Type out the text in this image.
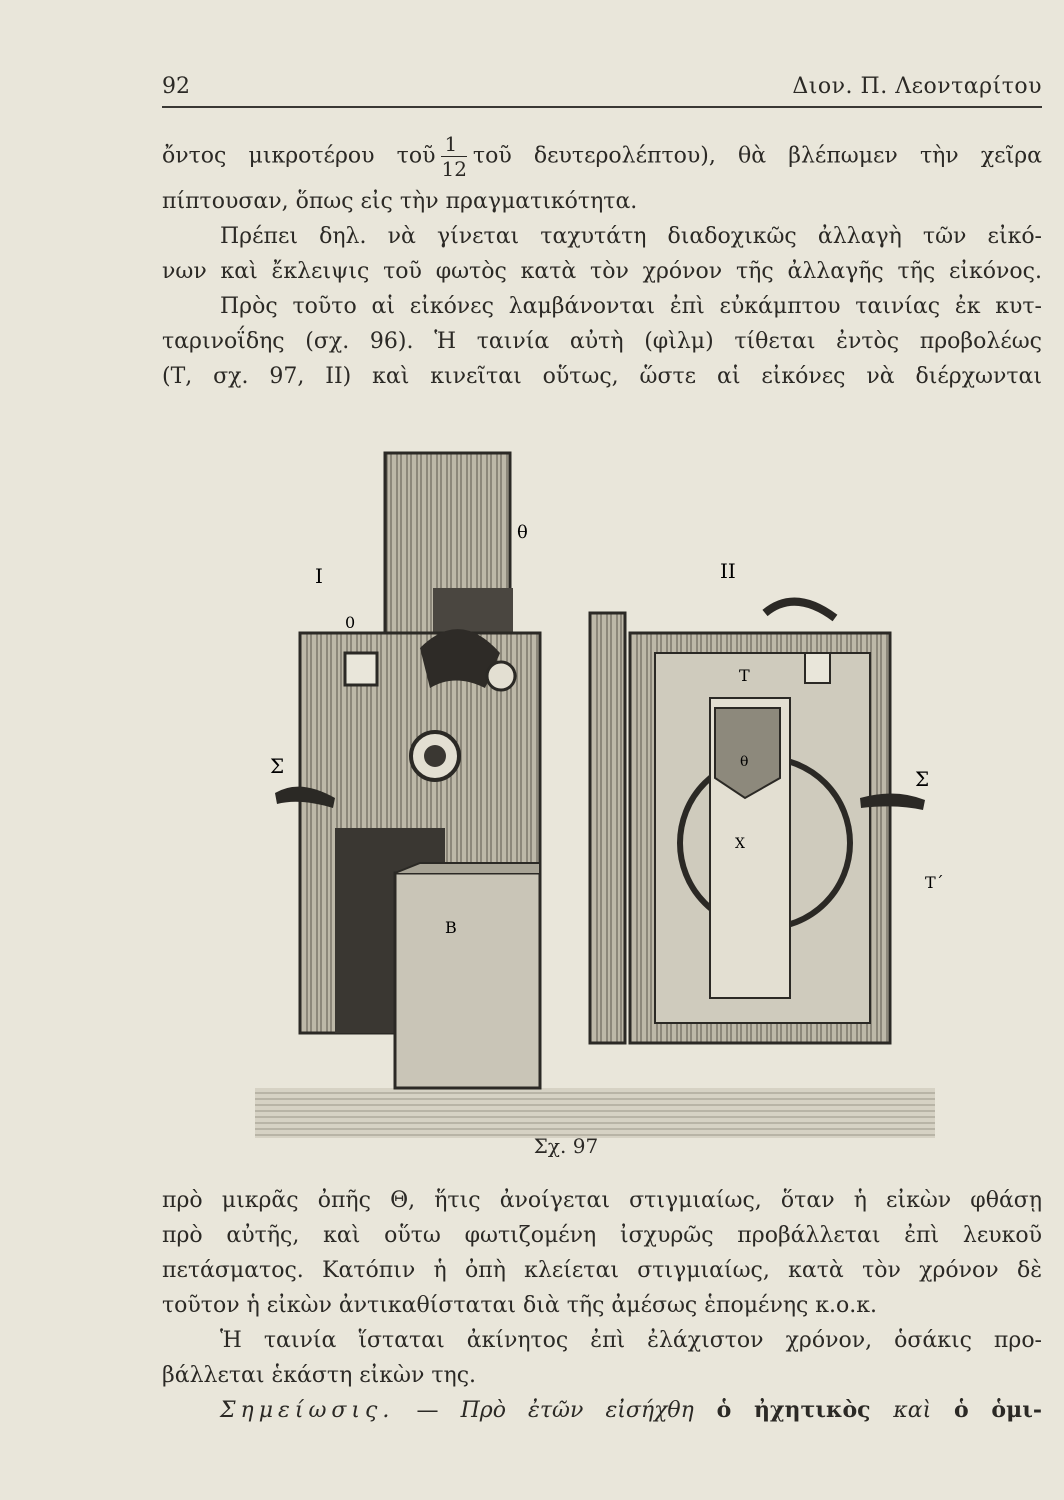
92	Διον. Π. Λεονταρίτου
ὄντος μικροτέρου τοῦ $\frac{1}{12}$ τοῦ δευτερολέπτου), θὰ βλέπωμεν τὴν χεῖρα
πίπτουσαν, ὅπως εἰς τὴν πραγματικότητα.
Πρέπει δηλ. νὰ γίνεται ταχυτάτη διαδοχικῶς ἀλλαγὴ τῶν εἰκό-
νων καὶ ἔκλειψις τοῦ φωτὸς κατὰ τὸν χρόνον τῆς ἀλλαγῆς τῆς εἰκόνος.
Πρὸς τοῦτο αἱ εἰκόνες λαμβάνονται ἐπὶ εὐκάμπτου ταινίας ἐκ κυτ-
ταρινοΐδης (σχ. 96). Ἡ ταινία αὐτὴ (φὶλμ) τίθεται ἐντὸς προβολέως
(Τ, σχ. 97, ΙΙ) καὶ κινεῖται οὕτως, ὥστε αἱ εἰκόνες νὰ διέρχωνται
Ι	ΙΙ
θ
0
Σ
Σ
Τ
Τ΄
Β
Χ
θ
Σχ. 97
πρὸ μικρᾶς ὀπῆς Θ, ἥτις ἀνοίγεται στιγμιαίως, ὅταν ἡ εἰκὼν φθάσῃ
πρὸ αὐτῆς, καὶ οὕτω φωτιζομένη ἰσχυρῶς προβάλλεται ἐπὶ λευκοῦ
πετάσματος. Κατόπιν ἡ ὀπὴ κλείεται στιγμιαίως, κατὰ τὸν χρόνον δὲ
τοῦτον ἡ εἰκὼν ἀντικαθίσταται διὰ τῆς ἀμέσως ἑπομένης κ.ο.κ.
Ἡ ταινία ἵσταται ἀκίνητος ἐπὶ ἐλάχιστον χρόνον, ὁσάκις προ-
βάλλεται ἑκάστη εἰκὼν της.
Σημείωσις. — Πρὸ ἐτῶν εἰσήχθη ὁ ἠχητικὸς καὶ ὁ ὁμι-
